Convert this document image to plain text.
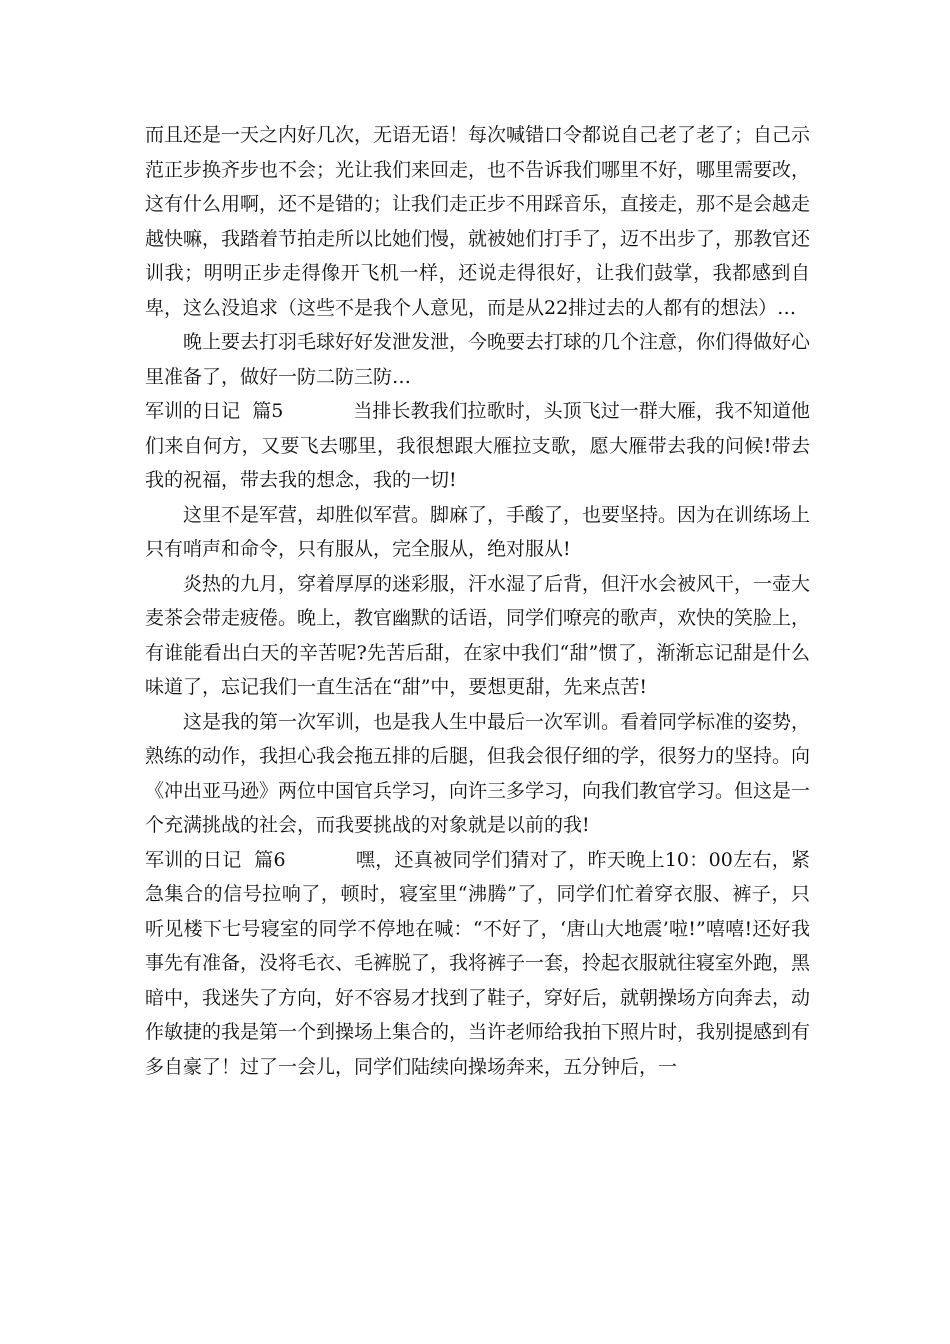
而且还是一天之内好几次，无语无语！每次喊错口令都说自己老了老了；自己示范正步换齐步也不会；光让我们来回走，也不告诉我们哪里不好，哪里需要改，这有什么用啊，还不是错的；让我们走正步不用踩音乐，直接走，那不是会越走越快嘛，我踏着节拍走所以比她们慢，就被她们打手了，迈不出步了，那教官还训我；明明正步走得像开飞机一样，还说走得很好，让我们鼓掌，我都感到自卑，这么没追求（这些不是我个人意见，而是从22排过去的人都有的想法）…

晚上要去打羽毛球好好发泄发泄，今晚要去打球的几个注意，你们得做好心里准备了，做好一防二防三防…

军训的日记  篇5	当排长教我们拉歌时，头顶飞过一群大雁，我不知道他们来自何方，又要飞去哪里，我很想跟大雁拉支歌，愿大雁带去我的问候!带去我的祝福，带去我的想念，我的一切!

这里不是军营，却胜似军营。脚麻了，手酸了，也要坚持。因为在训练场上只有哨声和命令，只有服从，完全服从，绝对服从!

炎热的九月，穿着厚厚的迷彩服，汗水湿了后背，但汗水会被风干，一壶大麦茶会带走疲倦。晚上，教官幽默的话语，同学们嘹亮的歌声，欢快的笑脸上，有谁能看出白天的辛苦呢?先苦后甜，在家中我们“甜”惯了，渐渐忘记甜是什么味道了，忘记我们一直生活在“甜”中，要想更甜，先来点苦!

这是我的第一次军训，也是我人生中最后一次军训。看着同学标准的姿势，熟练的动作，我担心我会拖五排的后腿，但我会很仔细的学，很努力的坚持。向《冲出亚马逊》两位中国官兵学习，向许三多学习，向我们教官学习。但这是一个充满挑战的社会，而我要挑战的对象就是以前的我!

军训的日记  篇6	嘿，还真被同学们猜对了，昨天晚上10：00左右，紧急集合的信号拉响了，顿时，寝室里“沸腾”了，同学们忙着穿衣服、裤子，只听见楼下七号寝室的同学不停地在喊：“不好了，‘唐山大地震’啦!”嘻嘻!还好我事先有准备，没将毛衣、毛裤脱了，我将裤子一套，拎起衣服就往寝室外跑，黑暗中，我迷失了方向，好不容易才找到了鞋子，穿好后，就朝操场方向奔去，动作敏捷的我是第一个到操场上集合的，当许老师给我拍下照片时，我别提感到有多自豪了！过了一会儿，同学们陆续向操场奔来，五分钟后，一
